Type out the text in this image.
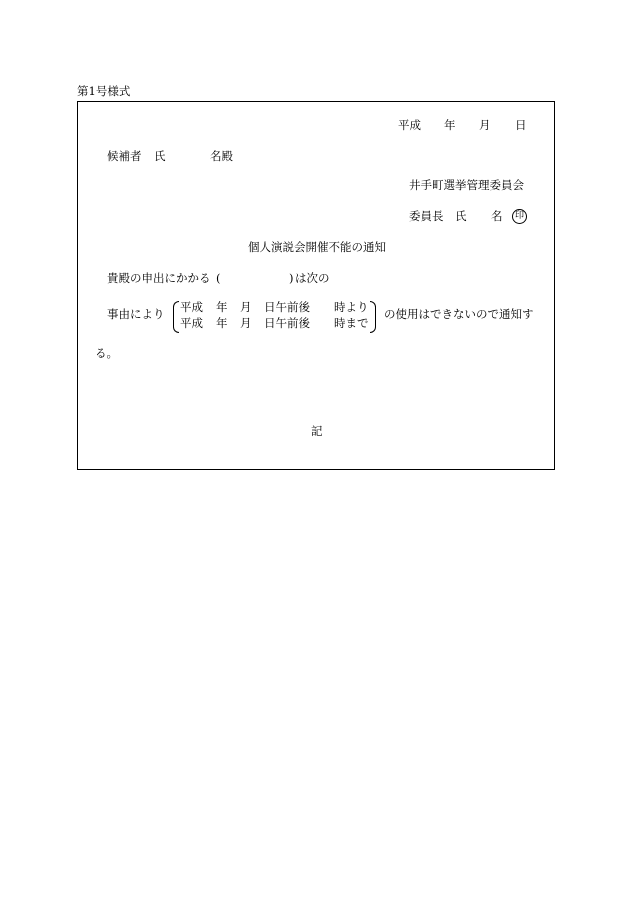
第1号様式
平成 年 月 日
候補者 氏	名殿
井手町選挙管理委員会
委員長 氏 名	印
個人演説会開催不能の通知
貴殿の申出にかかる (	) は次の
事由により 平成 年 月 日午前後 時より
平成 年 月 日午前後 時まで
の使用はできないので通知す
る。
記
